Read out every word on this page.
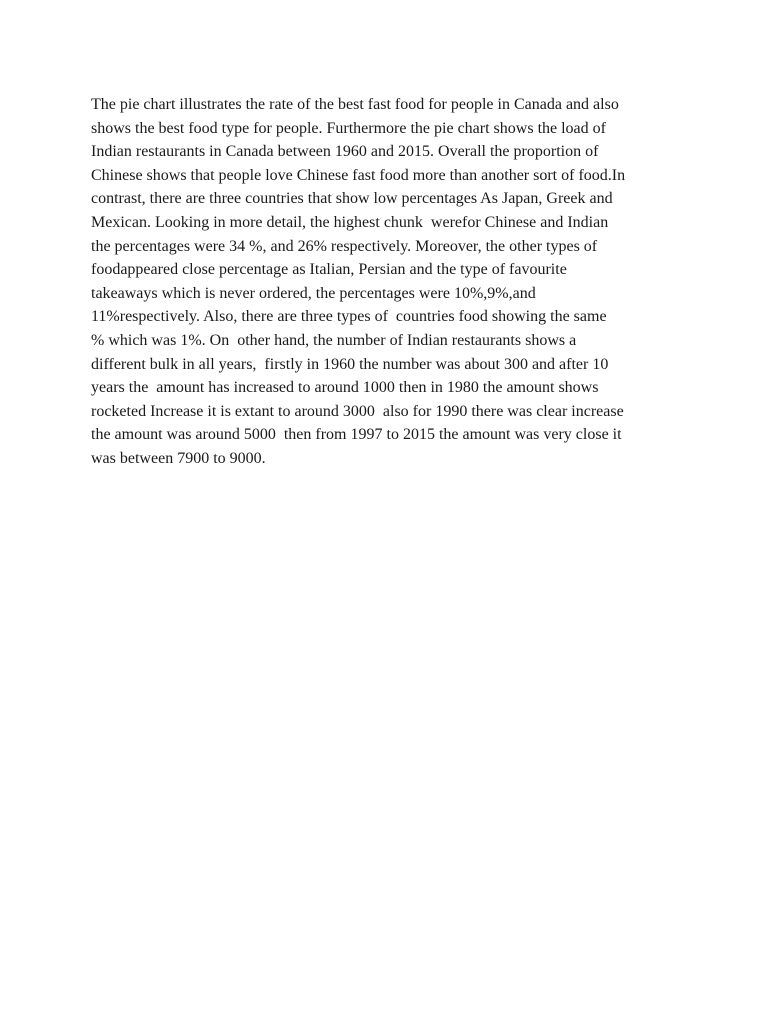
The pie chart illustrates the rate of the best fast food for people in Canada and also
shows the best food type for people. Furthermore the pie chart shows the load of
Indian restaurants in Canada between 1960 and 2015. Overall the proportion of
Chinese shows that people love Chinese fast food more than another sort of food.In
contrast, there are three countries that show low percentages As Japan, Greek and
Mexican. Looking in more detail, the highest chunk  werefor Chinese and Indian
the percentages were 34 %, and 26% respectively. Moreover, the other types of
foodappeared close percentage as Italian, Persian and the type of favourite
takeaways which is never ordered, the percentages were 10%,9%,and
11%respectively. Also, there are three types of  countries food showing the same
% which was 1%. On  other hand, the number of Indian restaurants shows a
different bulk in all years,  firstly in 1960 the number was about 300 and after 10
years the  amount has increased to around 1000 then in 1980 the amount shows
rocketed Increase it is extant to around 3000  also for 1990 there was clear increase
the amount was around 5000  then from 1997 to 2015 the amount was very close it
was between 7900 to 9000.
